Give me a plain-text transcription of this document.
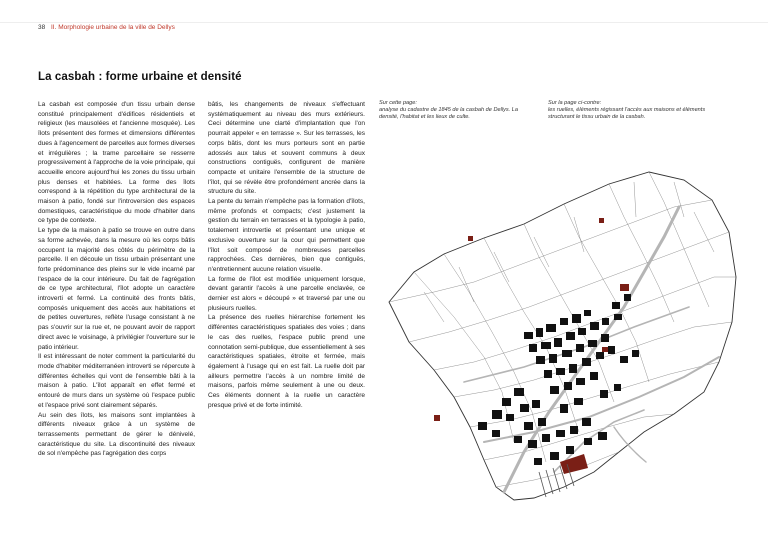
38 II. Morphologie urbaine de la ville de Dellys
La casbah : forme urbaine et densité

La casbah est composée d'un tissu urbain dense constitué principalement d'édifices résidentiels et religieux (les mausolées et l'ancienne mosquée). Les îlots présentent des formes et dimensions différentes dues à l'agencement de parcelles aux formes diverses et irrégulières ; la trame parcellaire se resserre progressivement à l'approche de la voie principale, qui accueille encore aujourd'hui les zones du tissu urbain plus denses et habitées. La forme des îlots correspond à la répétition du type architectural de la maison à patio, fondé sur l'introversion des espaces domestiques, caractéristique du mode d'habiter dans ce type de contexte.

Le type de la maison à patio se trouve en outre dans sa forme achevée, dans la mesure où les corps bâtis occupent la majorité des côtés du périmètre de la parcelle. Il en découle un tissu urbain présentant une forte prédominance des pleins sur le vide incarné par l'espace de la cour intérieure. Du fait de l'agrégation de ce type architectural, l'îlot adopte un caractère introverti et fermé. La continuité des fronts bâtis, composés uniquement des accès aux habitations et de petites ouvertures, reflète l'usage consistant à ne pas s'ouvrir sur la rue et, ne pouvant avoir de rapport direct avec le voisinage, à privilégier l'ouverture sur le patio intérieur.

Il est intéressant de noter comment la particularité du mode d'habiter méditerranéen introverti se répercute à différentes échelles qui vont de l'ensemble bâti à la maison à patio. L'îlot apparaît en effet fermé et entouré de murs dans un système où l'espace public et l'espace privé sont clairement séparés.

Au sein des îlots, les maisons sont implantées à différents niveaux grâce à un système de terrassements permettant de gérer le dénivelé, caractéristique du site. La discontinuité des niveaux de sol n'empêche pas l'agrégation des corps

bâtis, les changements de niveaux s'effectuant systématiquement au niveau des murs extérieurs. Ceci détermine une clarté d'implantation que l'on pourrait appeler « en terrasse ». Sur les terrasses, les corps bâtis, dont les murs porteurs sont en partie adossés aux talus et souvent communs à deux constructions contiguës, configurent de manière compacte et unitaire l'ensemble de la structure de l'îlot, qui se révèle être profondément ancrée dans la structure du site.

La pente du terrain n'empêche pas la formation d'îlots, même profonds et compacts; c'est justement la gestion du terrain en terrasses et la typologie à patio, totalement introvertie et présentant une unique et exclusive ouverture sur la cour qui permettent que l'îlot soit composé de nombreuses parcelles rapprochées. Ces dernières, bien que contiguës, n'entretiennent aucune relation visuelle.

La forme de l'îlot est modifiée uniquement lorsque, devant garantir l'accès à une parcelle enclavée, ce dernier est alors « découpé » et traversé par une ou plusieurs ruelles.

La présence des ruelles hiérarchise fortement les différentes caractéristiques spatiales des voies ; dans le cas des ruelles, l'espace public prend une connotation semi-publique, due essentiellement à ses caractéristiques spatiales, étroite et fermée, mais également à l'usage qui en est fait. La ruelle doit par ailleurs permettre l'accès à un nombre limité de maisons, parfois même seulement à une ou deux. Ces éléments donnent à la ruelle un caractère presque privé et de forte intimité.

Sur cette page:
analyse du cadastre de 1845 de la casbah de Dellys. La densité, l'habitat et les lieux de culte.
Sur la page ci-contre:
les ruelles, éléments régissant l'accès aux maisons et éléments structurant le tissu urbain de la casbah.
